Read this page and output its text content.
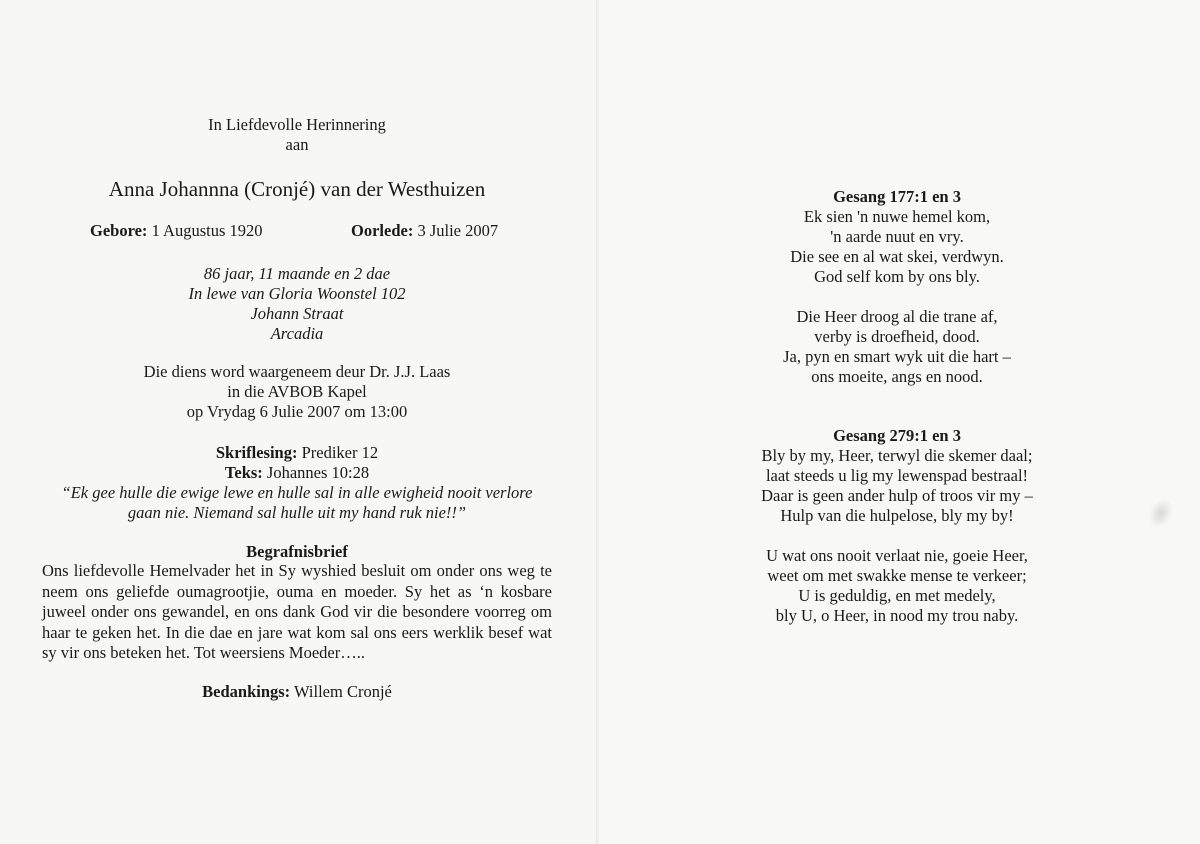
In Liefdevolle Herinnering
aan
Anna Johannna (Cronjé) van der Westhuizen
Gebore: 1 Augustus 1920	Oorlede: 3 Julie 2007
86 jaar, 11 maande en 2 dae
In lewe van Gloria Woonstel 102
Johann Straat
Arcadia
Die diens word waargeneem deur Dr. J.J. Laas
in die AVBOB Kapel
op Vrydag 6 Julie 2007 om 13:00
Skriflesing: Prediker 12
Teks: Johannes 10:28
“Ek gee hulle die ewige lewe en hulle sal in alle ewigheid nooit verlore
gaan nie. Niemand sal hulle uit my hand ruk nie!!”
Begrafnisbrief

Ons liefdevolle Hemelvader het in Sy wyshied besluit om onder ons weg te neem ons geliefde oumagrootjie, ouma en moeder. Sy het as ‘n kosbare juweel onder ons gewandel, en ons dank God vir die besondere voorreg om haar te geken het. In die dae en jare wat kom sal ons eers werklik besef wat sy vir ons beteken het. Tot weersiens Moeder…..

Bedankings: Willem Cronjé
Gesang 177:1 en 3
Ek sien 'n nuwe hemel kom,
'n aarde nuut en vry.
Die see en al wat skei, verdwyn.
God self kom by ons bly.
Die Heer droog al die trane af,
verby is droefheid, dood.
Ja, pyn en smart wyk uit die hart –
ons moeite, angs en nood.
Gesang 279:1 en 3
Bly by my, Heer, terwyl die skemer daal;
laat steeds u lig my lewenspad bestraal!
Daar is geen ander hulp of troos vir my –
Hulp van die hulpelose, bly my by!
U wat ons nooit verlaat nie, goeie Heer,
weet om met swakke mense te verkeer;
U is geduldig, en met medely,
bly U, o Heer, in nood my trou naby.
